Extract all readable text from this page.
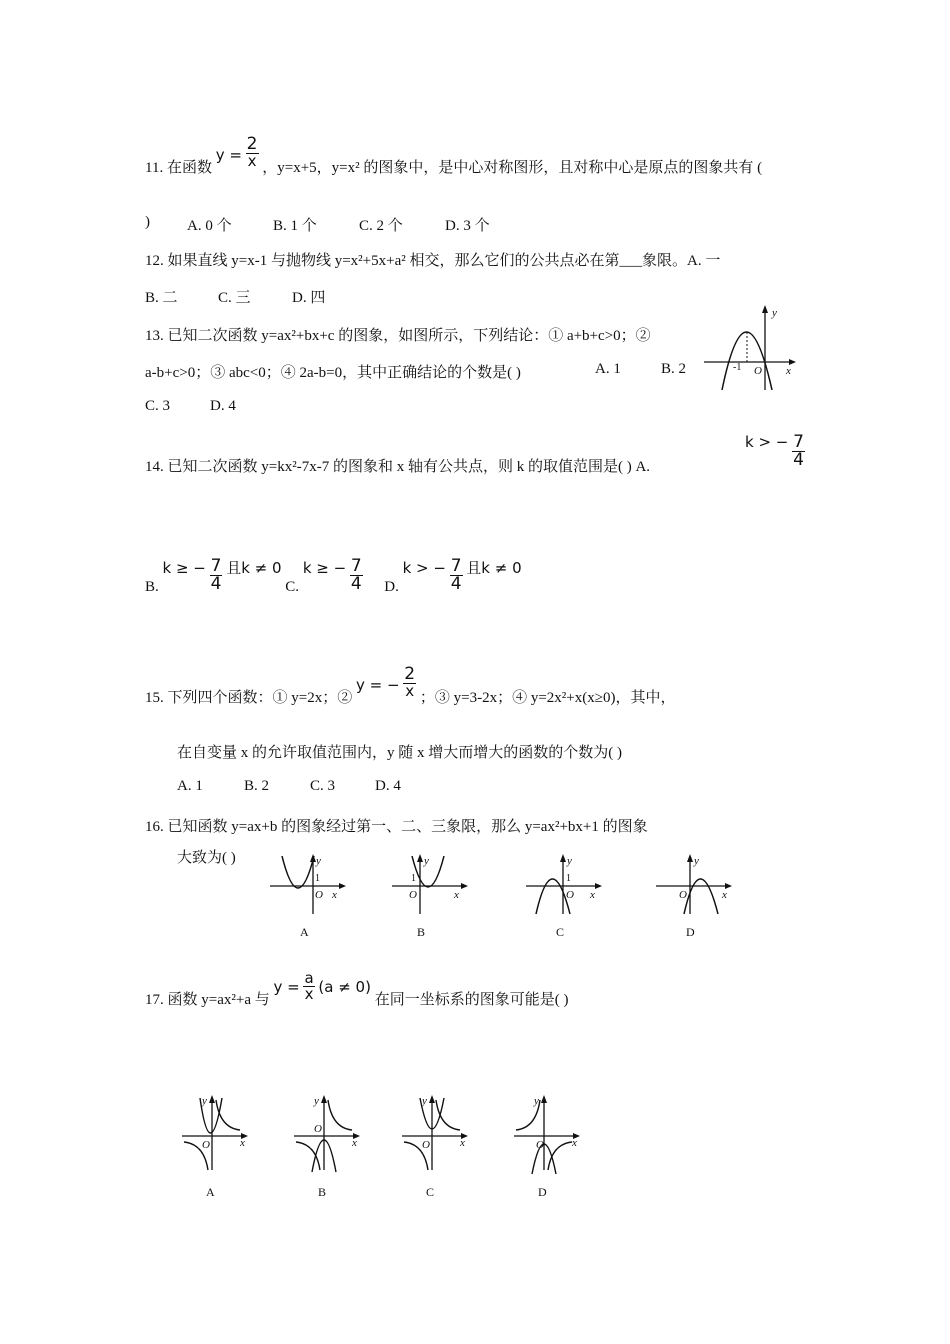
11. 在函数 $y = \frac{2}{x}$ ，y=x+5，y=x² 的图象中，是中心对称图形，且对称中心是原点的图象共有 (
) A. 0 个	B. 1 个	C. 2 个	D. 3 个
12. 如果直线 y=x-1 与抛物线 y=x²+5x+a² 相交，那么它们的公共点必在第___象限。A. 一
B. 二	C. 三	D. 四
13. 已知二次函数 y=ax²+bx+c 的图象，如图所示，下列结论：① a+b+c>0；②
a-b+c>0；③ abc<0；④ 2a-b=0，其中正确结论的个数是( )	A. 1	B. 2
C. 3	D. 4
y
x
O
-1
14. 已知二次函数 y=kx²-7x-7 的图象和 x 轴有公共点，则 k 的取值范围是( ) A.
k > − $\frac{7}{4}$
B. k ≥ − $\frac{7}{4}$ 且k ≠ 0 C. k ≥ − $\frac{7}{4} D$. k > − $\frac{7}{4}$ 且k ≠ 0
15. 下列四个函数：① y=2x；② y = − $\frac{2}{x}$ ；③ y=3-2x；④ y=2x²+x(x≥0)，其中，
在自变量 x 的允许取值范围内，y 随 x 增大而增大的函数的个数为( )
A. 1	B. 2	C. 3	D. 4
16. 已知函数 y=ax+b 的图象经过第一、二、三象限，那么 y=ax²+bx+1 的图象
大致为( )	y
x
O
1
A
y
x
O
1
B
y
x
O
1
C
y
x
O
D
17. 函数 y=ax²+a 与 $y = \frac{a}{x} (a \ne 0)$ 在同一坐标系的图象可能是( )
y
x
O
A
y
x
O
B
y
x
O
C
y
x
O
D
